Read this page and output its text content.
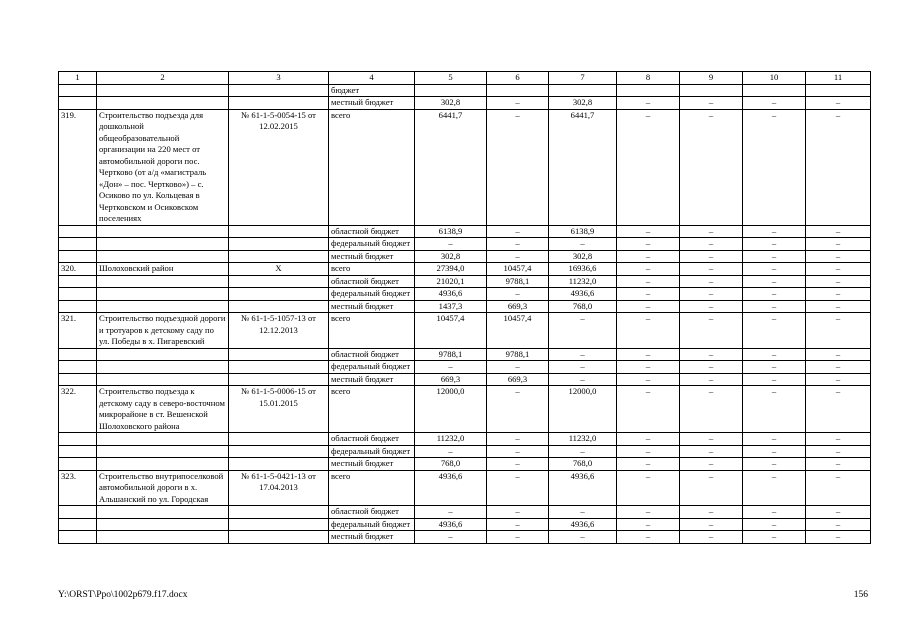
1	2	3	4	5	6	7	8	9	10	11
			бюджет							
			местный бюджет	302,8	–	302,8	–	–	–	–
319.	Строительство подъезда для дошкольной общеобразовательной организации на 220 мест от автомобильной дороги пос. Чертково (от а/д «магистраль «Дон» – пос. Чертково») – с. Осиково по ул. Кольцевая в Чертковском и Осиковском поселениях	№ 61-1-5-0054-15 от 12.02.2015	всего	6441,7	–	6441,7	–	–	–	–
			областной бюджет	6138,9	–	6138,9	–	–	–	–
			федеральный бюджет	–	–	–	–	–	–	–
			местный бюджет	302,8	–	302,8	–	–	–	–
320.	Шолоховский район	X	всего	27394,0	10457,4	16936,6	–	–	–	–
			областной бюджет	21020,1	9788,1	11232,0	–	–	–	–
			федеральный бюджет	4936,6	–	4936,6	–	–	–	–
			местный бюджет	1437,3	669,3	768,0	–	–	–	–
321.	Строительство подъездной дороги и тротуаров к детскому саду по ул. Победы в х. Пигаревский	№ 61-1-5-1057-13 от 12.12.2013	всего	10457,4	10457,4	–	–	–	–	–
			областной бюджет	9788,1	9788,1	–	–	–	–	–
			федеральный бюджет	–	–	–	–	–	–	–
			местный бюджет	669,3	669,3	–	–	–	–	–
322.	Строительство подъезда к детскому саду в северо-восточном микрорайоне в ст. Вешенской Шолоховского района	№ 61-1-5-0006-15 от 15.01.2015	всего	12000,0	–	12000,0	–	–	–	–
			областной бюджет	11232,0	–	11232,0	–	–	–	–
			федеральный бюджет	–	–	–	–	–	–	–
			местный бюджет	768,0	–	768,0	–	–	–	–
323.	Строительство внутрипоселковой автомобильной дороги в х. Альшанский по ул. Городская	№ 61-1-5-0421-13 от 17.04.2013	всего	4936,6	–	4936,6	–	–	–	–
			областной бюджет	–	–	–	–	–	–	–
			федеральный бюджет	4936,6	–	4936,6	–	–	–	–
			местный бюджет	–	–	–	–	–	–	–
Y:\ORST\Ppo\1002p679.f17.docx	156
